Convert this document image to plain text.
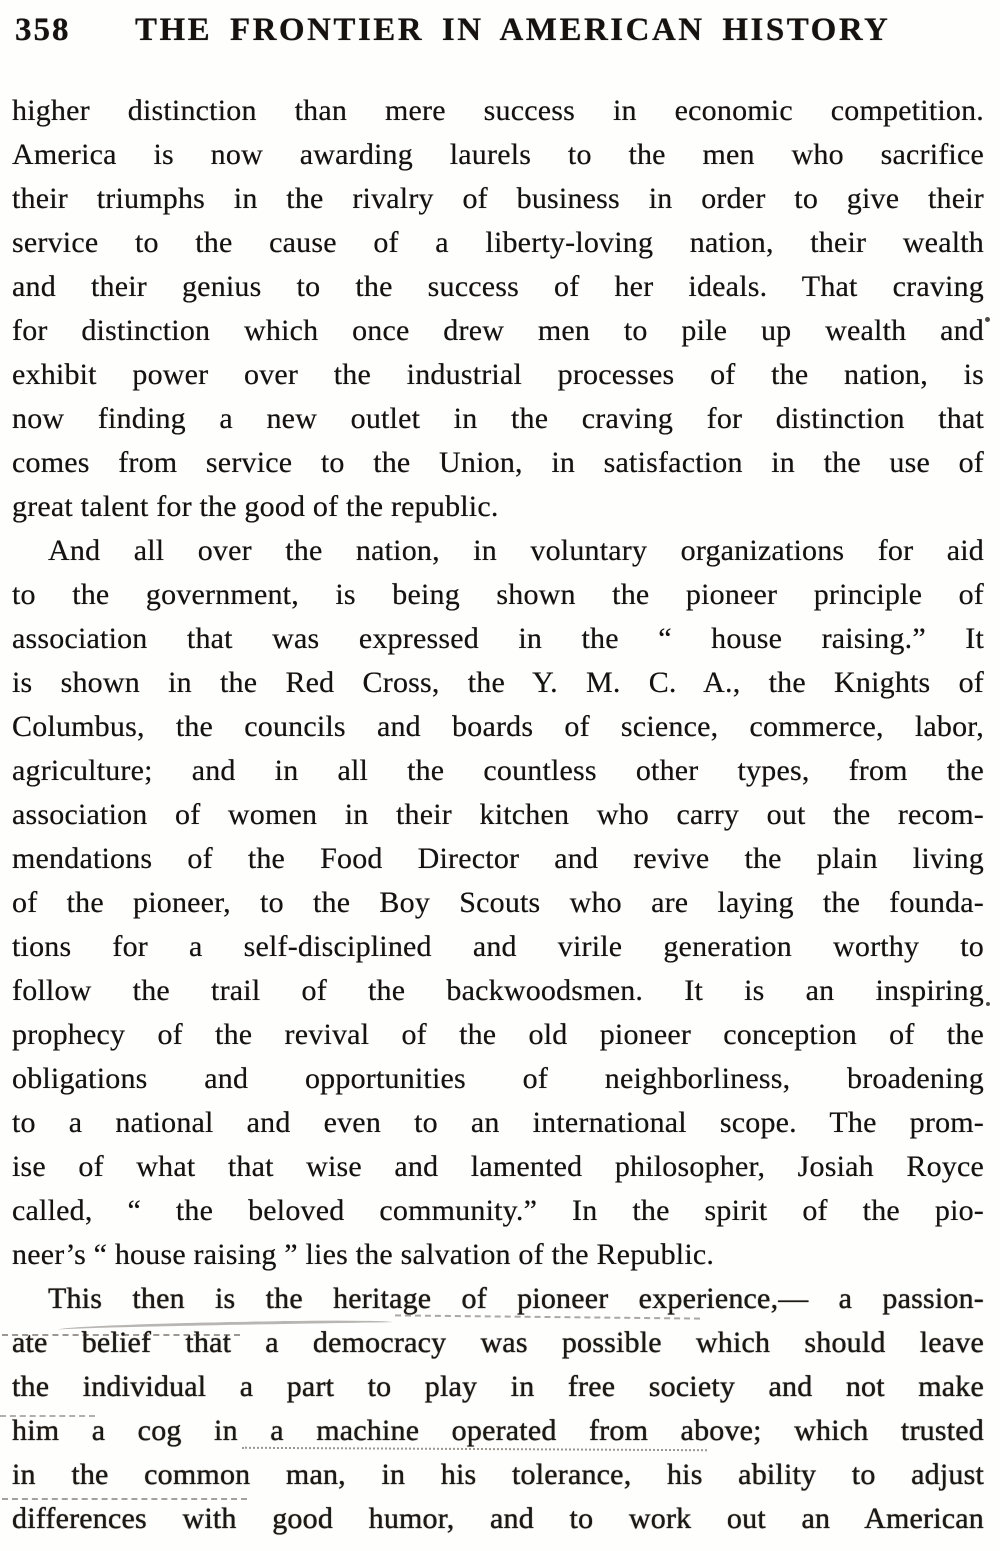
358 THE FRONTIER IN AMERICAN HISTORY
higher distinction than mere success in economic competition.
America is now awarding laurels to the men who sacrifice
their triumphs in the rivalry of business in order to give their
service to the cause of a liberty-loving nation, their wealth
and their genius to the success of her ideals. That craving
for distinction which once drew men to pile up wealth and
exhibit power over the industrial processes of the nation, is
now finding a new outlet in the craving for distinction that
comes from service to the Union, in satisfaction in the use of
great talent for the good of the republic.
And all over the nation, in voluntary organizations for aid
to the government, is being shown the pioneer principle of
association that was expressed in the “ house raising.” It
is shown in the Red Cross, the Y. M. C. A., the Knights of
Columbus, the councils and boards of science, commerce, labor,
agriculture; and in all the countless other types, from the
association of women in their kitchen who carry out the recom-
mendations of the Food Director and revive the plain living
of the pioneer, to the Boy Scouts who are laying the founda-
tions for a self-disciplined and virile generation worthy to
follow the trail of the backwoodsmen. It is an inspiring
prophecy of the revival of the old pioneer conception of the
obligations and opportunities of neighborliness, broadening
to a national and even to an international scope. The prom-
ise of what that wise and lamented philosopher, Josiah Royce
called, “ the beloved community.” In the spirit of the pio-
neer’s “ house raising ” lies the salvation of the Republic.
This then is the heritage of pioneer experience,— a passion-
ate belief that a democracy was possible which should leave
the individual a part to play in free society and not make
him a cog in a machine operated from above; which trusted
in the common man, in his tolerance, his ability to adjust
differences with good humor, and to work out an American
